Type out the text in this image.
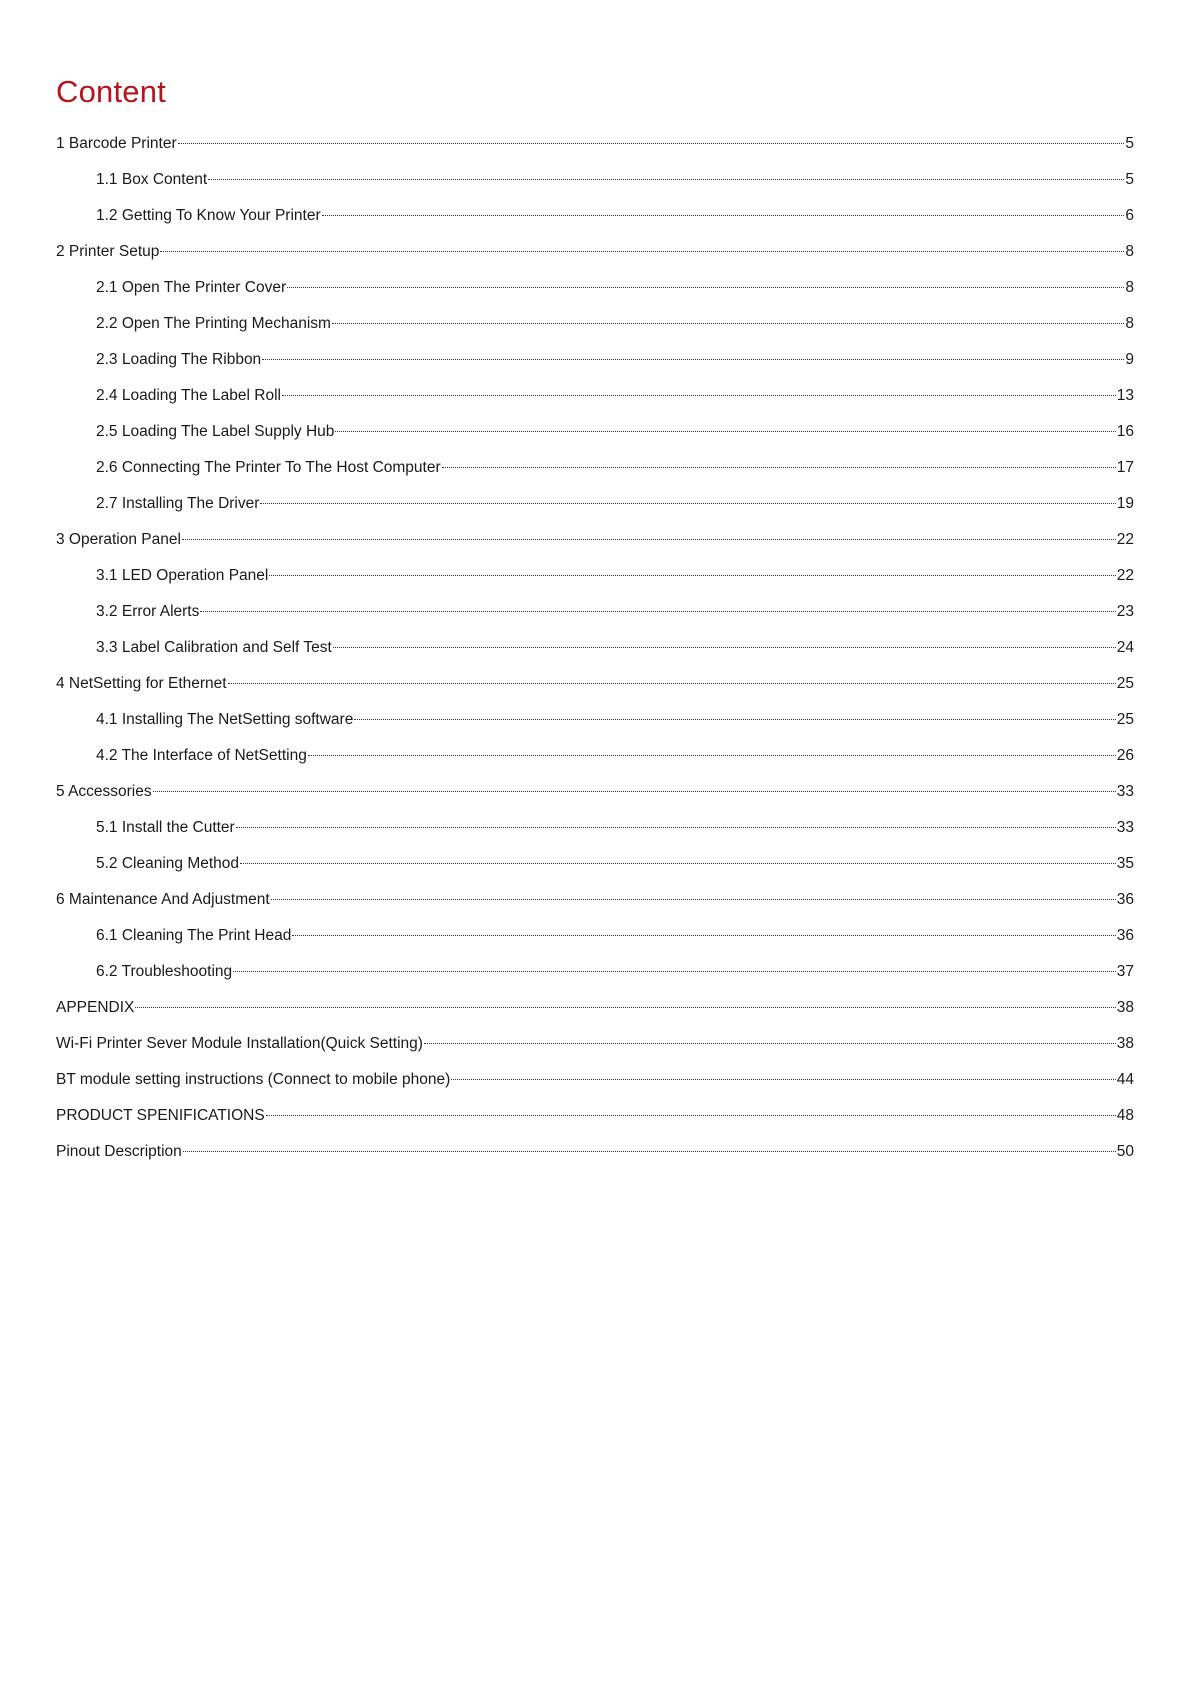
Content
1 Barcode Printer	5
1.1 Box Content	5
1.2 Getting To Know Your Printer	6
2 Printer Setup	8
2.1 Open The Printer Cover	8
2.2 Open The Printing Mechanism	8
2.3 Loading The Ribbon	9
2.4 Loading The Label Roll	13
2.5 Loading The Label Supply Hub	16
2.6 Connecting The Printer To The Host Computer	17
2.7 Installing The Driver	19
3 Operation Panel	22
3.1 LED Operation Panel	22
3.2 Error Alerts	23
3.3 Label Calibration and Self Test	24
4 NetSetting for Ethernet	25
4.1 Installing The NetSetting software	25
4.2 The Interface of NetSetting	26
5 Accessories	33
5.1 Install the Cutter	33
5.2 Cleaning Method	35
6 Maintenance And Adjustment	36
6.1 Cleaning The Print Head	36
6.2 Troubleshooting	37
APPENDIX	38
Wi-Fi Printer Sever Module Installation(Quick Setting)	38
BT module setting instructions (Connect to mobile phone)	44
PRODUCT SPENIFICATIONS	48
Pinout Description	50
